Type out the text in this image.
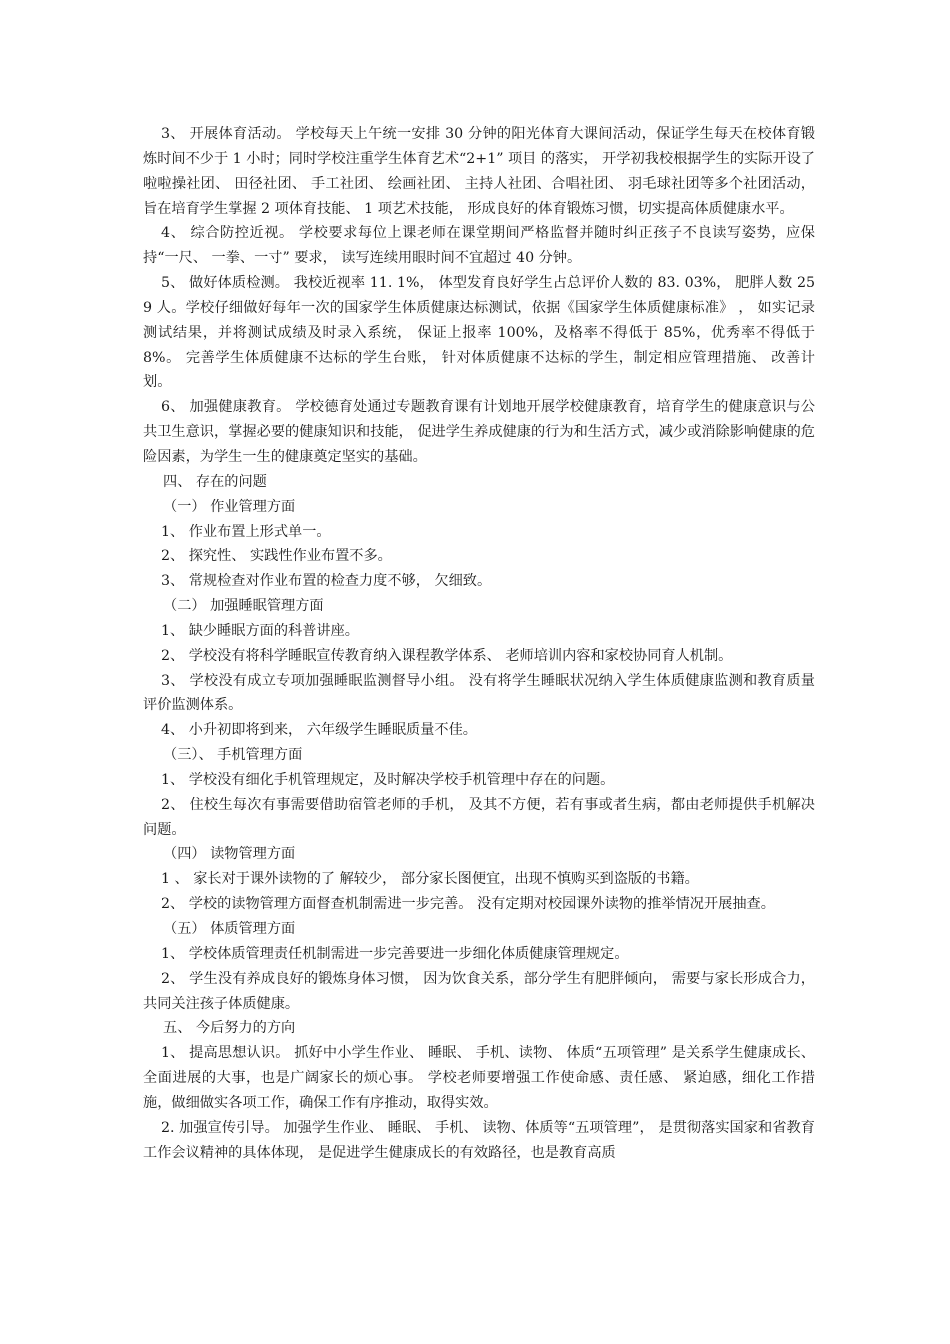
3、 开展体育活动。 学校每天上午统一安排 30 分钟的阳光体育大课间活动，保证学生每天在校体育锻炼时间不少于 1 小时；同时学校注重学生体育艺术“2+1” 项目 的落实， 开学初我校根据学生的实际开设了 啦啦操社团、 田径社团、 手工社团、 绘画社团、 主持人社团、合唱社团、 羽毛球社团等多个社团活动， 旨在培育学生掌握 2 项体育技能、 1 项艺术技能， 形成良好的体育锻炼习惯，切实提高体质健康水平。

4、 综合防控近视。 学校要求每位上课老师在课堂期间严格监督并随时纠正孩子不良读写姿势，应保持“一尺、 一拳、一寸” 要求， 读写连续用眼时间不宜超过 40 分钟。

5、 做好体质检测。 我校近视率 11. 1%， 体型发育良好学生占总评价人数的 83. 03%， 肥胖人数 259 人。学校仔细做好每年一次的国家学生体质健康达标测试，依据《国家学生体质健康标准》 ， 如实记录测试结果，并将测试成绩及时录入系统， 保证上报率 100%，及格率不得低于 85%，优秀率不得低于 8%。 完善学生体质健康不达标的学生台账， 针对体质健康不达标的学生，制定相应管理措施、 改善计划。

6、 加强健康教育。 学校德育处通过专题教育课有计划地开展学校健康教育，培育学生的健康意识与公共卫生意识，掌握必要的健康知识和技能， 促进学生养成健康的行为和生活方式，减少或消除影响健康的危险因素，为学生一生的健康奠定坚实的基础。

四、 存在的问题

（一） 作业管理方面

1、 作业布置上形式单一。

2、 探究性、 实践性作业布置不多。

3、 常规检查对作业布置的检查力度不够， 欠细致。

（二） 加强睡眠管理方面

1、 缺少睡眠方面的科普讲座。

2、 学校没有将科学睡眠宣传教育纳入课程教学体系、 老师培训内容和家校协同育人机制。

3、 学校没有成立专项加强睡眠监测督导小组。 没有将学生睡眠状况纳入学生体质健康监测和教育质量评价监测体系。

4、 小升初即将到来， 六年级学生睡眠质量不佳。

（三）、 手机管理方面

1、 学校没有细化手机管理规定，及时解决学校手机管理中存在的问题。

2、 住校生每次有事需要借助宿管老师的手机， 及其不方便，若有事或者生病，都由老师提供手机解决问题。

（四） 读物管理方面

1 、 家长对于课外读物的了 解较少， 部分家长图便宜，出现不慎购买到盗版的书籍。

2、 学校的读物管理方面督查机制需进一步完善。 没有定期对校园课外读物的推举情况开展抽查。

（五） 体质管理方面

1、 学校体质管理责任机制需进一步完善要进一步细化体质健康管理规定。

2、 学生没有养成良好的锻炼身体习惯， 因为饮食关系，部分学生有肥胖倾向， 需要与家长形成合力， 共同关注孩子体质健康。

五、 今后努力的方向

1、 提高思想认识。 抓好中小学生作业、 睡眠、 手机、读物、 体质“五项管理” 是关系学生健康成长、 全面进展的大事，也是广阔家长的烦心事。 学校老师要增强工作使命感、责任感、 紧迫感，细化工作措施，做细做实各项工作，确保工作有序推动，取得实效。

2. 加强宣传引导。 加强学生作业、 睡眠、 手机、 读物、体质等“五项管理”， 是贯彻落实国家和省教育工作会议精神的具体体现， 是促进学生健康成长的有效路径，也是教育高质
